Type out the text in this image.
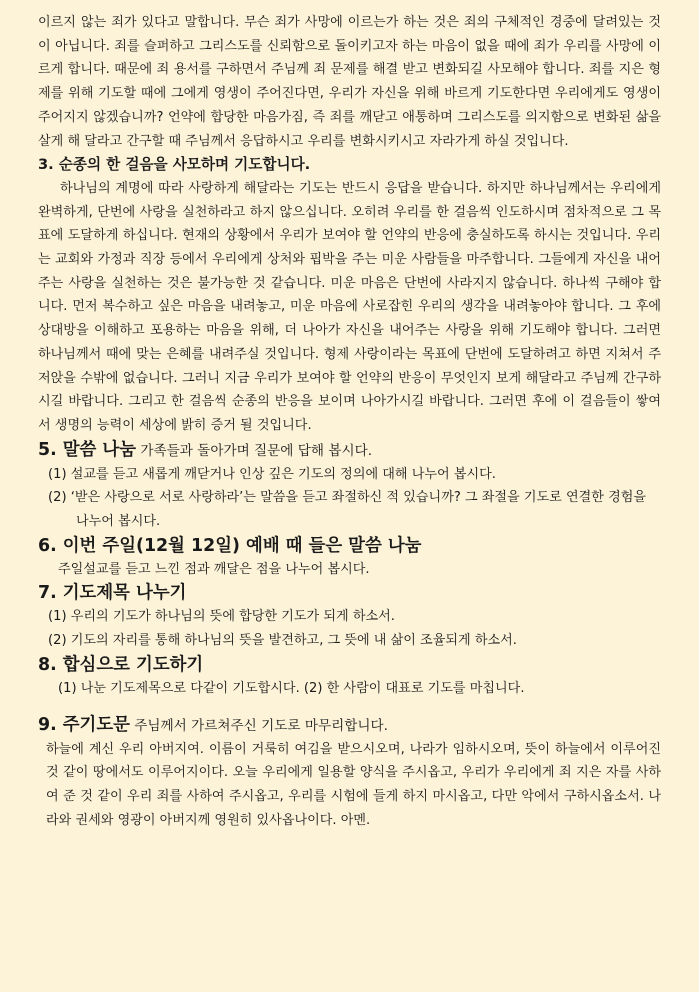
이르지 않는 죄가 있다고 말합니다. 무슨 죄가 사망에 이르는가 하는 것은 죄의 구체적인 경중에 달려있는 것이 아닙니다. 죄를 슬퍼하고 그리스도를 신뢰함으로 돌이키고자 하는 마음이 없을 때에 죄가 우리를 사망에 이르게 합니다. 때문에 죄 용서를 구하면서 주님께 죄 문제를 해결 받고 변화되길 사모해야 합니다. 죄를 지은 형제를 위해 기도할 때에 그에게 영생이 주어진다면, 우리가 자신을 위해 바르게 기도한다면 우리에게도 영생이 주어지지 않겠습니까? 언약에 합당한 마음가짐, 즉 죄를 깨닫고 애통하며 그리스도를 의지함으로 변화된 삶을 살게 해 달라고 간구할 때 주님께서 응답하시고 우리를 변화시키시고 자라가게 하실 것입니다.

3. 순종의 한 걸음을 사모하며 기도합니다.

하나님의 계명에 따라 사랑하게 해달라는 기도는 반드시 응답을 받습니다. 하지만 하나님께서는 우리에게 완벽하게, 단번에 사랑을 실천하라고 하지 않으십니다. 오히려 우리를 한 걸음씩 인도하시며 점차적으로 그 목표에 도달하게 하십니다. 현재의 상황에서 우리가 보여야 할 언약의 반응에 충실하도록 하시는 것입니다. 우리는 교회와 가정과 직장 등에서 우리에게 상처와 핍박을 주는 미운 사람들을 마주합니다. 그들에게 자신을 내어주는 사랑을 실천하는 것은 불가능한 것 같습니다. 미운 마음은 단번에 사라지지 않습니다. 하나씩 구해야 합니다. 먼저 복수하고 싶은 마음을 내려놓고, 미운 마음에 사로잡힌 우리의 생각을 내려놓아야 합니다. 그 후에 상대방을 이해하고 포용하는 마음을 위해, 더 나아가 자신을 내어주는 사랑을 위해 기도해야 합니다. 그러면 하나님께서 때에 맞는 은혜를 내려주실 것입니다. 형제 사랑이라는 목표에 단번에 도달하려고 하면 지쳐서 주저앉을 수밖에 없습니다. 그러니 지금 우리가 보여야 할 언약의 반응이 무엇인지 보게 해달라고 주님께 간구하시길 바랍니다. 그리고 한 걸음씩 순종의 반응을 보이며 나아가시길 바랍니다. 그러면 후에 이 걸음들이 쌓여서 생명의 능력이 세상에 밝히 증거 될 것입니다.

5. 말씀 나눔 가족들과 돌아가며 질문에 답해 봅시다.

(1) 설교를 듣고 새롭게 깨닫거나 인상 깊은 기도의 정의에 대해 나누어 봅시다.

(2) ‘받은 사랑으로 서로 사랑하라’는 말씀을 듣고 좌절하신 적 있습니까? 그 좌절을 기도로 연결한 경험을 나누어 봅시다.

6. 이번 주일(12월 12일) 예배 때 들은 말씀 나눔

주일설교를 듣고 느낀 점과 깨달은 점을 나누어 봅시다.

7. 기도제목 나누기

(1) 우리의 기도가 하나님의 뜻에 합당한 기도가 되게 하소서.

(2) 기도의 자리를 통해 하나님의 뜻을 발견하고, 그 뜻에 내 삶이 조율되게 하소서.

8. 합심으로 기도하기

(1) 나눈 기도제목으로 다같이 기도합시다. (2) 한 사람이 대표로 기도를 마칩니다.

9. 주기도문 주님께서 가르쳐주신 기도로 마무리합니다.

하늘에 계신 우리 아버지여. 이름이 거룩히 여김을 받으시오며, 나라가 임하시오며, 뜻이 하늘에서 이루어진 것 같이 땅에서도 이루어지이다. 오늘 우리에게 일용할 양식을 주시옵고, 우리가 우리에게 죄 지은 자를 사하여 준 것 같이 우리 죄를 사하여 주시옵고, 우리를 시험에 들게 하지 마시옵고, 다만 악에서 구하시옵소서. 나라와 권세와 영광이 아버지께 영원히 있사옵나이다. 아멘.
